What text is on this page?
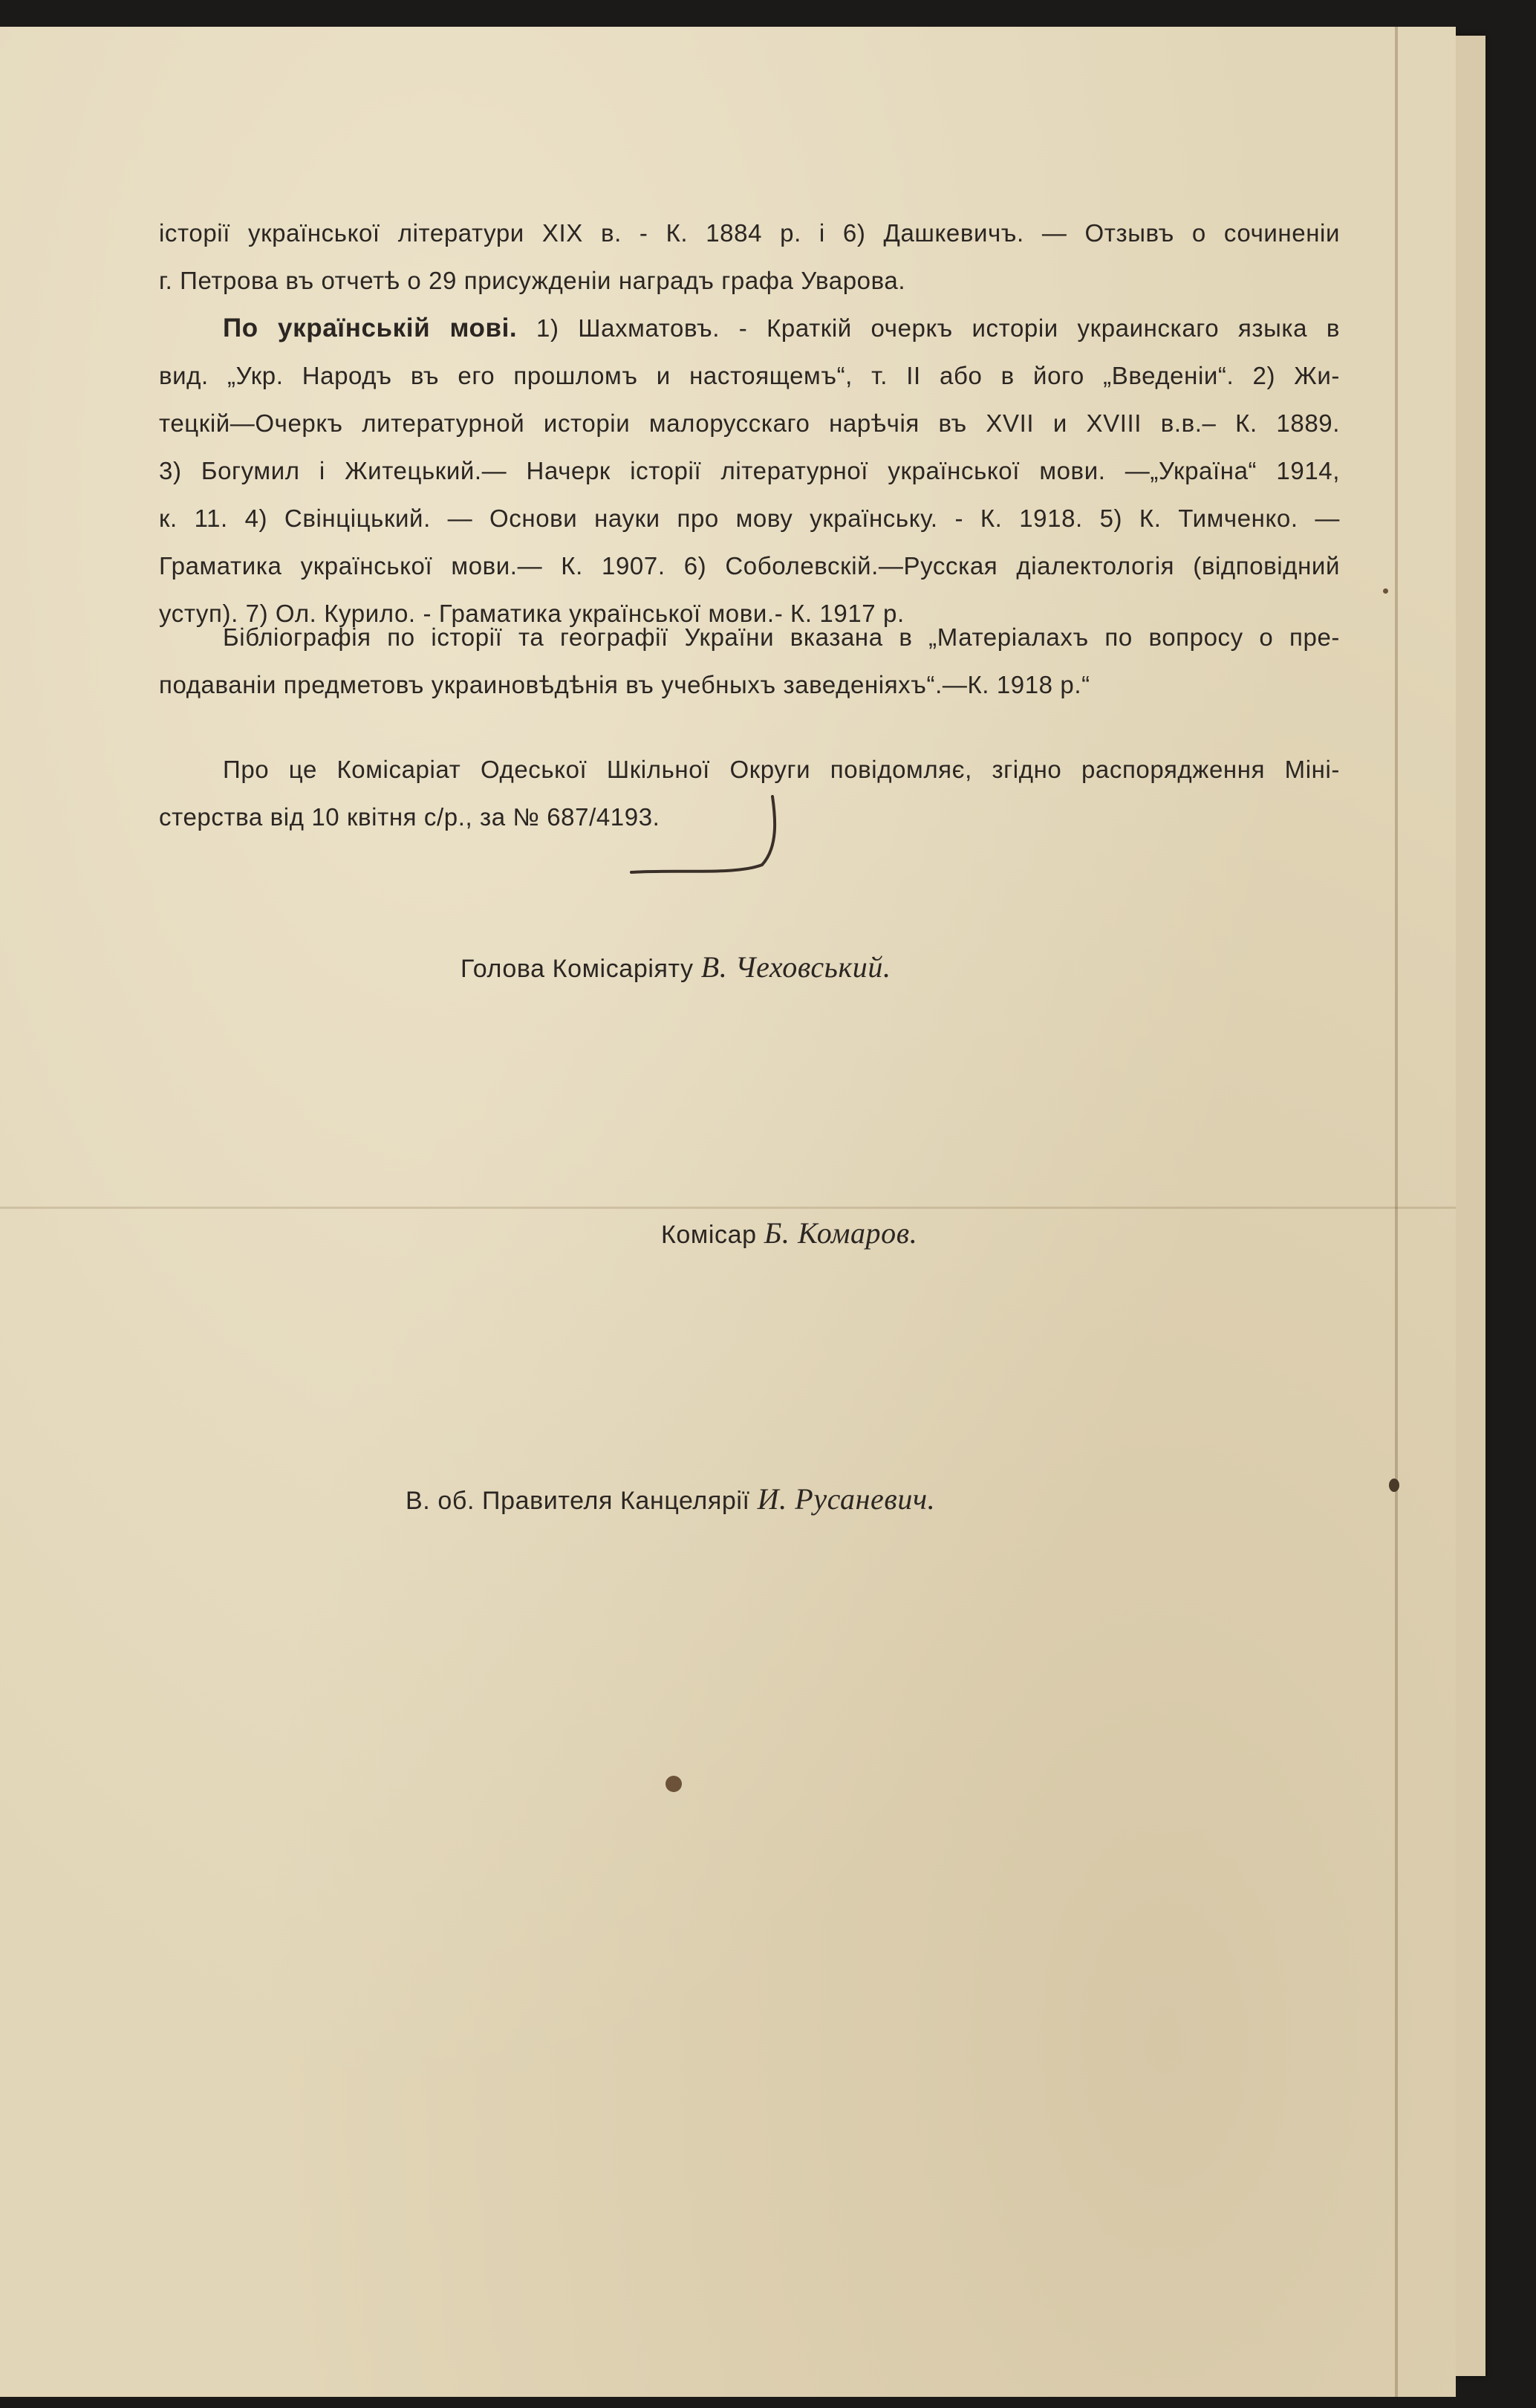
історії української літератури XIX в. - К. 1884 р. і 6) Дашкевичъ. — Отзывъ о сочиненіи

г. Петрова въ отчетѣ о 29 присужденіи наградъ графа Уварова.

По українській мові. 1) Шахматовъ. - Краткій очеркъ исторіи украинскаго языка в

вид. „Укр. Народъ въ его прошломъ и настоящемъ“, т. II або в його „Введеніи“. 2) Жи-

тецкій—Очеркъ литературной исторіи малорусскаго нарѣчія въ XVII и XVIII в.в.– К. 1889.

3) Богумил і Житецький.— Начерк історії літературної української мови. —„Україна“ 1914,

к. 11. 4) Свінціцький. — Основи науки про мову українську. - К. 1918. 5) К. Тимченко. —

Граматика української мови.— К. 1907. 6) Соболевскій.—Русская діалектологія (відповідний

уступ). 7) Ол. Курило. - Граматика української мови.- К. 1917 р.

Бібліографія по історії та географії України вказана в „Матеріалахъ по вопросу о пре-

подаваніи предметовъ украиновѣдѣнія въ учебныхъ заведеніяхъ“.—К. 1918 р.“

Про це Комісаріат Одеської Шкільної Округи повідомляє, згідно распорядження Міні-

стерства від 10 квітня с/р., за № 687/4193.

Голова Комісаріяту В. Чеховський.
Комісар Б. Комаров.
В. об. Правителя Канцелярії И. Русаневич.
